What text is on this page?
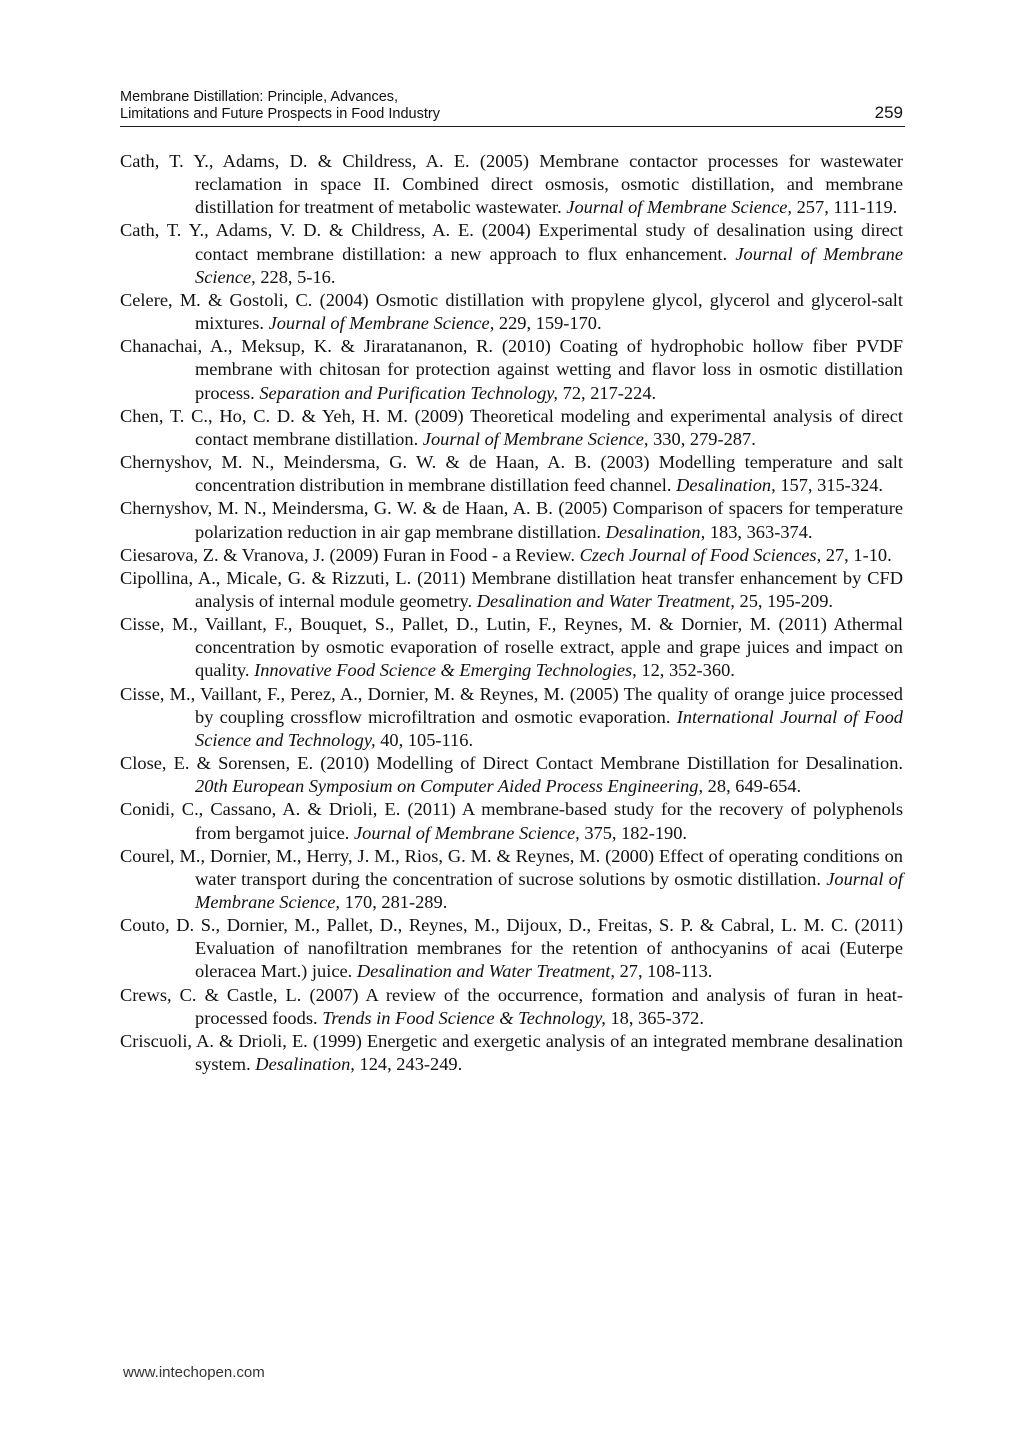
Membrane Distillation: Principle, Advances,
Limitations and Future Prospects in Food Industry	259

Cath, T. Y., Adams, D. & Childress, A. E. (2005) Membrane contactor processes for wastewater reclamation in space II. Combined direct osmosis, osmotic distillation, and membrane distillation for treatment of metabolic wastewater. Journal of Membrane Science, 257, 111-119.

Cath, T. Y., Adams, V. D. & Childress, A. E. (2004) Experimental study of desalination using direct contact membrane distillation: a new approach to flux enhancement. Journal of Membrane Science, 228, 5-16.

Celere, M. & Gostoli, C. (2004) Osmotic distillation with propylene glycol, glycerol and glycerol-salt mixtures. Journal of Membrane Science, 229, 159-170.

Chanachai, A., Meksup, K. & Jiraratananon, R. (2010) Coating of hydrophobic hollow fiber PVDF membrane with chitosan for protection against wetting and flavor loss in osmotic distillation process. Separation and Purification Technology, 72, 217-224.

Chen, T. C., Ho, C. D. & Yeh, H. M. (2009) Theoretical modeling and experimental analysis of direct contact membrane distillation. Journal of Membrane Science, 330, 279-287.

Chernyshov, M. N., Meindersma, G. W. & de Haan, A. B. (2003) Modelling temperature and salt concentration distribution in membrane distillation feed channel. Desalination, 157, 315-324.

Chernyshov, M. N., Meindersma, G. W. & de Haan, A. B. (2005) Comparison of spacers for temperature polarization reduction in air gap membrane distillation. Desalination, 183, 363-374.

Ciesarova, Z. & Vranova, J. (2009) Furan in Food - a Review. Czech Journal of Food Sciences, 27, 1-10.

Cipollina, A., Micale, G. & Rizzuti, L. (2011) Membrane distillation heat transfer enhancement by CFD analysis of internal module geometry. Desalination and Water Treatment, 25, 195-209.

Cisse, M., Vaillant, F., Bouquet, S., Pallet, D., Lutin, F., Reynes, M. & Dornier, M. (2011) Athermal concentration by osmotic evaporation of roselle extract, apple and grape juices and impact on quality. Innovative Food Science & Emerging Technologies, 12, 352-360.

Cisse, M., Vaillant, F., Perez, A., Dornier, M. & Reynes, M. (2005) The quality of orange juice processed by coupling crossflow microfiltration and osmotic evaporation. International Journal of Food Science and Technology, 40, 105-116.

Close, E. & Sorensen, E. (2010) Modelling of Direct Contact Membrane Distillation for Desalination. 20th European Symposium on Computer Aided Process Engineering, 28, 649-654.

Conidi, C., Cassano, A. & Drioli, E. (2011) A membrane-based study for the recovery of polyphenols from bergamot juice. Journal of Membrane Science, 375, 182-190.

Courel, M., Dornier, M., Herry, J. M., Rios, G. M. & Reynes, M. (2000) Effect of operating conditions on water transport during the concentration of sucrose solutions by osmotic distillation. Journal of Membrane Science, 170, 281-289.

Couto, D. S., Dornier, M., Pallet, D., Reynes, M., Dijoux, D., Freitas, S. P. & Cabral, L. M. C. (2011) Evaluation of nanofiltration membranes for the retention of anthocyanins of acai (Euterpe oleracea Mart.) juice. Desalination and Water Treatment, 27, 108-113.

Crews, C. & Castle, L. (2007) A review of the occurrence, formation and analysis of furan in heat-processed foods. Trends in Food Science & Technology, 18, 365-372.

Criscuoli, A. & Drioli, E. (1999) Energetic and exergetic analysis of an integrated membrane desalination system. Desalination, 124, 243-249.

www.intechopen.com
